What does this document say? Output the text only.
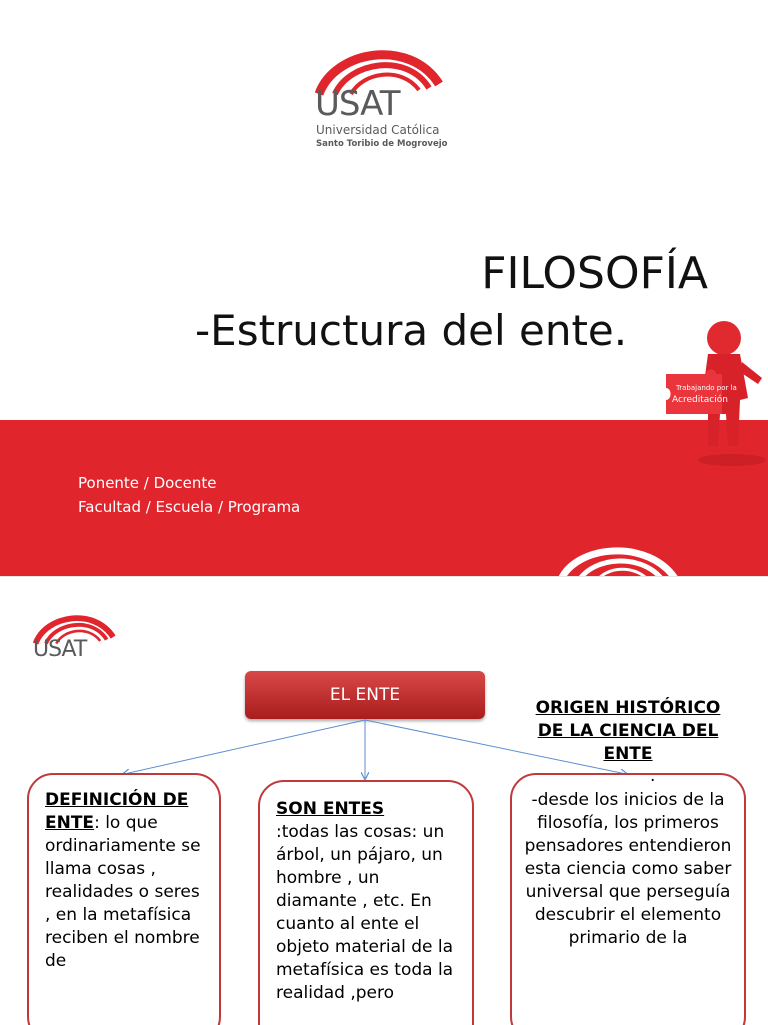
USAT
Universidad Católica
Santo Toribio de Mogrovejo
FILOSOFÍA
-Estructura del ente.
Ponente / Docente
Facultad / Escuela / Programa
Trabajando por la
Acreditación
USAT
EL ENTE

DEFINICIÓN DE ENTE: lo que ordinariamente se llama cosas , realidades o seres , en la metafísica reciben el nombre de

SON ENTES
:todas las cosas: un árbol, un pájaro, un hombre , un diamante , etc. En cuanto al ente el objeto material de la metafísica es toda la realidad ,pero

-desde los inicios de la filosofía, los primeros pensadores entendieron esta ciencia como saber universal que perseguía descubrir el elemento primario de la

ORIGEN HISTÓRICO DE LA CIENCIA DEL ENTE
.
